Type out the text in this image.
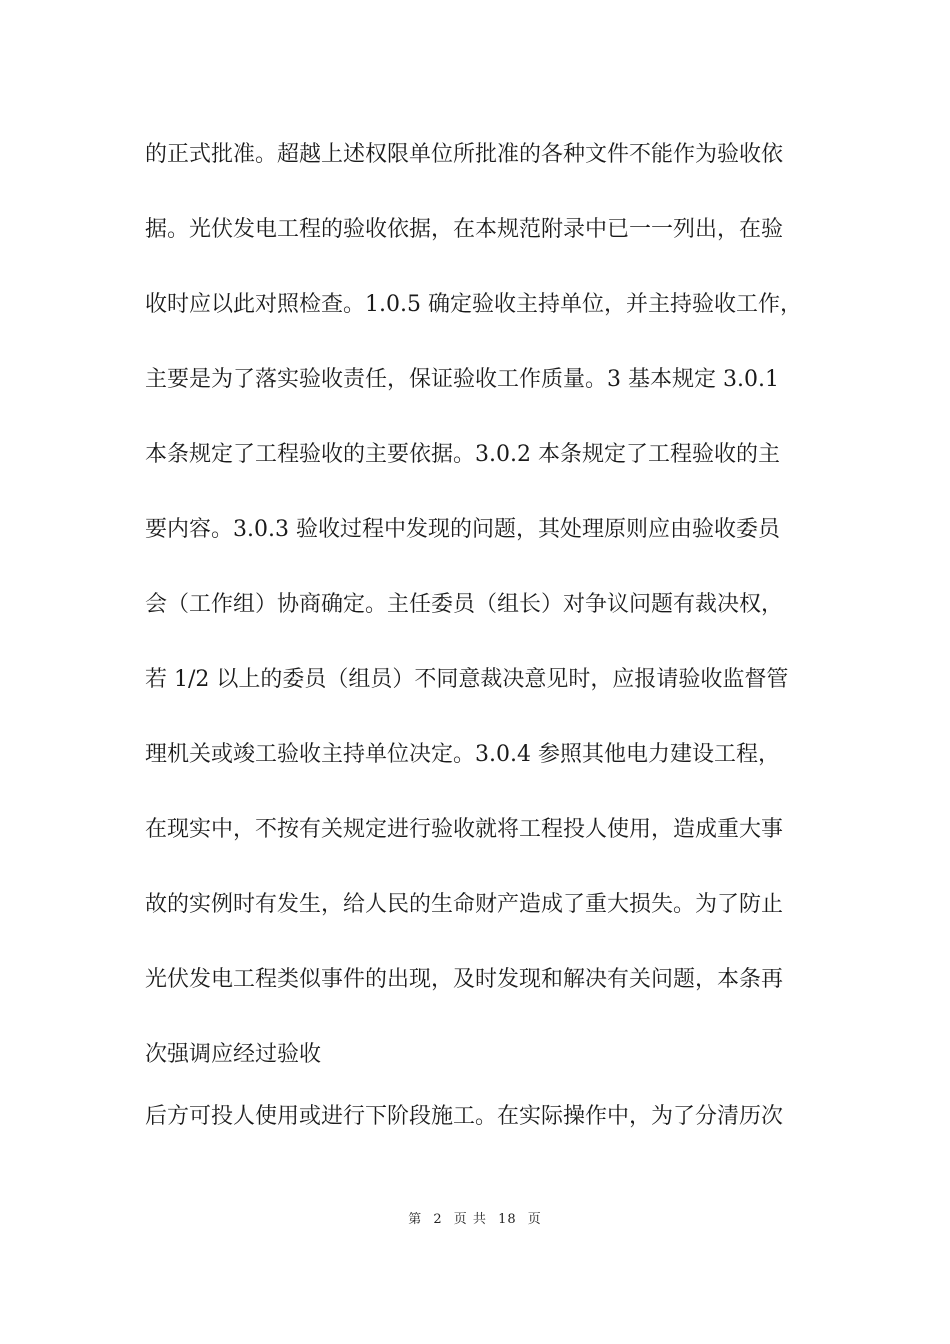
的正式批准。超越上述权限单位所批准的各种文件不能作为验收依
据。光伏发电工程的验收依据，在本规范附录中已一一列出，在验
收时应以此对照检查。1.0.5 确定验收主持单位，并主持验收工作，
主要是为了落实验收责任，保证验收工作质量。3 基本规定 3.0.1
本条规定了工程验收的主要依据。3.0.2 本条规定了工程验收的主
要内容。3.0.3 验收过程中发现的问题，其处理原则应由验收委员
会（工作组）协商确定。主任委员（组长）对争议问题有裁决权，
若 1/2 以上的委员（组员）不同意裁决意见时，应报请验收监督管
理机关或竣工验收主持单位决定。3.0.4 参照其他电力建设工程，
在现实中，不按有关规定进行验收就将工程投人使用，造成重大事
故的实例时有发生，给人民的生命财产造成了重大损失。为了防止
光伏发电工程类似事件的出现，及时发现和解决有关问题，本条再
次强调应经过验收
后方可投人使用或进行下阶段施工。在实际操作中，为了分清历次
第 2 页 共 18 页
